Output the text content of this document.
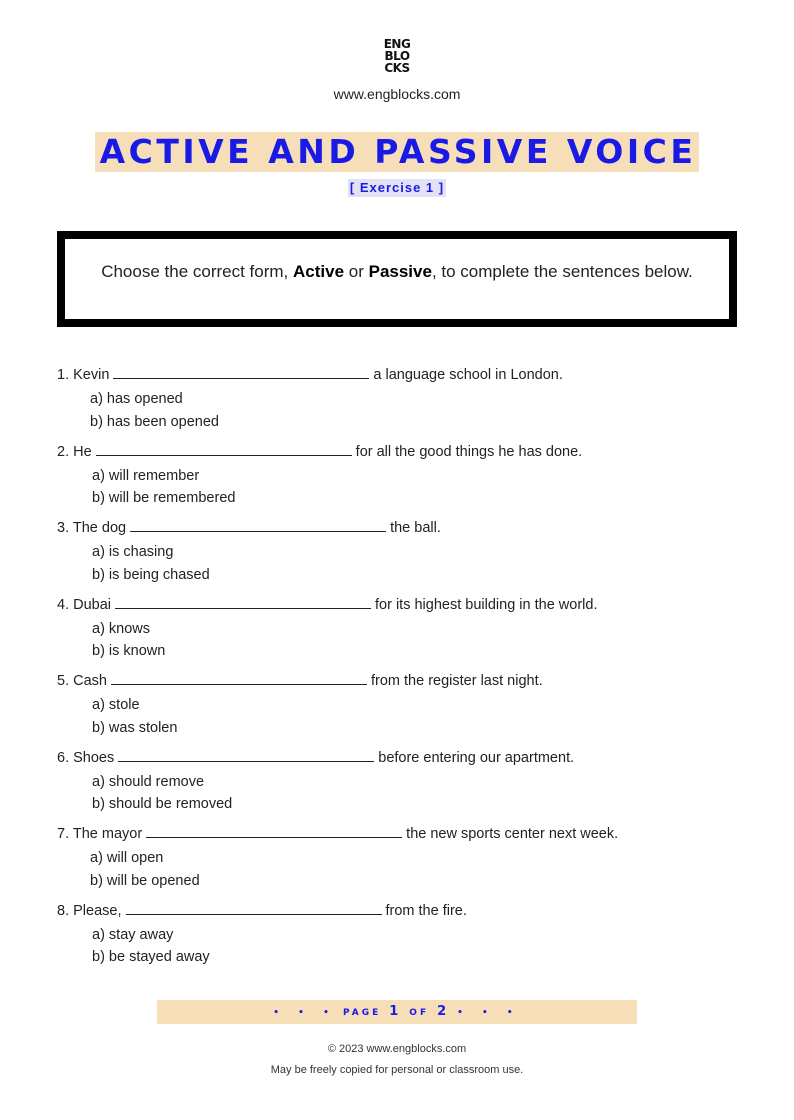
ENG
BLO
CKS
www.engblocks.com
ACTIVE AND PASSIVE VOICE
[ Exercise 1 ]
Choose the correct form, Active or Passive, to complete the sentences below.
1. Kevin	a language school in London.
a) has opened
b) has been opened
2. He	for all the good things he has done.
a) will remember
b) will be remembered
3. The dog	the ball.
a) is chasing
b) is being chased
4. Dubai	for its highest building in the world.
a) knows
b) is known
5. Cash	from the register last night.
a) stole
b) was stolen
6. Shoes	before entering our apartment.
a) should remove
b) should be removed
7. The mayor	the new sports center next week.
a) will open
b) will be opened
8. Please,	from the fire.
a) stay away
b) be stayed away
• • • PAGE 1 OF 2 • • •
© 2023 www.engblocks.com
May be freely copied for personal or classroom use.
